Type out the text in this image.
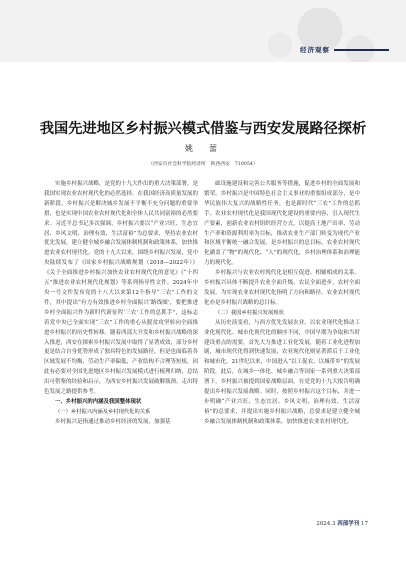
经济观察
我国先进地区乡村振兴模式借鉴与西安发展路径探析
姚　蕾
（西安市社会科学院经济所　陕西西安　710054）

实施乡村振兴战略，是党的十九大作出的重大决策部署，是我国实现农业农村现代化的必然选择。在我国经济高质量发展的新阶段，乡村振兴是解决城乡发展不平衡不充分问题的重要举措，也是实现中国农业农村现代化和全体人民共同富裕的必然要求。习近平总书记多次强调，乡村振兴要以“产业兴旺、生态宜居、乡风文明、治理有效、生活富裕”为总要求，坚持农业农村优先发展，建立健全城乡融合发展体制机制和政策体系，加快推进农业农村现代化。党的十九大以来，围绕乡村振兴发展，党中央陆续发布了《国家乡村振兴战略规划（2018—2022年）》《关于全面推进乡村振兴加快农业农村现代化的意见》《“十四五”推进农业农村现代化规划》等系列指导性文件。2024年中央一号文件发布党的十八大以来第12个指导“三农”工作的文件，其中提出“有力有效推进乡村全面振兴‘路线图’，要把推进乡村全面振兴作为新时代新征程‘三农’工作的总抓手”，这标志着党中央已全面实现“三农”工作的重心从脱贫攻坚转向全面推进乡村振兴的历史性转移。随着西部大开发和乡村振兴战略的深入推进，西安在探索乡村振兴发展中取得了显著成效，部分乡村更是结合自身优势形成了独具特色的发展路径，但是也面临着各区域发展不均衡、劳动生产率偏低、产业结构不合理等短板。因此有必要对全国先进地区乡村振兴发展模式进行梳理归纳，总结出可借鉴的经验和启示，为西安乡村振兴发展破解瓶颈、走出特色发展之路提供参考。

一、乡村振兴的内涵及我国整体现状

（一）乡村振兴内涵及乡村现代化的关系

乡村振兴是指通过推动乡村经济的发展，加强基

础设施建设和完善公共服务等措施，促进乡村的全面发展和繁荣。乡村振兴是中国特色社会主义事业的重要组成部分，是中华民族伟大复兴的战略性任务，也是新时代“三农”工作的总抓手。农业农村现代化是我国现代化建设的重要内容，引入现代生产要素，创新农业农村组织经营方式，以提高土地产出率、劳动生产率和资源利用率为目标，推动农业生产部门转变为现代产业和区域平衡统一融合发展，是乡村振兴的总目标。农业农村现代化涵盖了“物”的现代化、“人”的现代化，乡村治理体系和治理能力的现代化。

乡村振兴与农业农村现代化是相互促进、相辅相成的关系。乡村振兴具体不断提升农业全面升级、农民全面进步，农村全面发展，为实现农业农村现代化指明了方向和路径。农业农村现代化亦是乡村振兴战略的总目标。

（二）我国乡村振兴发展现状

从历史演变看，与西方优先发展农业、以农业现代化推动工业化现代化、城市化现代化的顺序不同，中国早期为争取和当时建设重点的需要，首先大力推进工业化发展，随着工业化进程加剧，城市现代化得到快速发展，农业现代化则显著滞后于工业化和城市化。21世纪以来，中国进入“以工促农、以城带乡”的发展阶段。此后，在城乡一体化、城乡融合等国家一系列重大决策部署下，乡村振兴被提到国家战略层面，在党党的十九大报告明确提出乡村振兴发展战略。同时，按照乡村振兴这个目标，并进一步明确“产业兴旺、生态宜居、乡风文明、治理有效、生活富裕”的总要求，并提出实施乡村振兴战略，总要求是建立健全城乡融合发展体制机制和政策体系，加快推进农业农村现代化。

2024.3 西部学刊 17
